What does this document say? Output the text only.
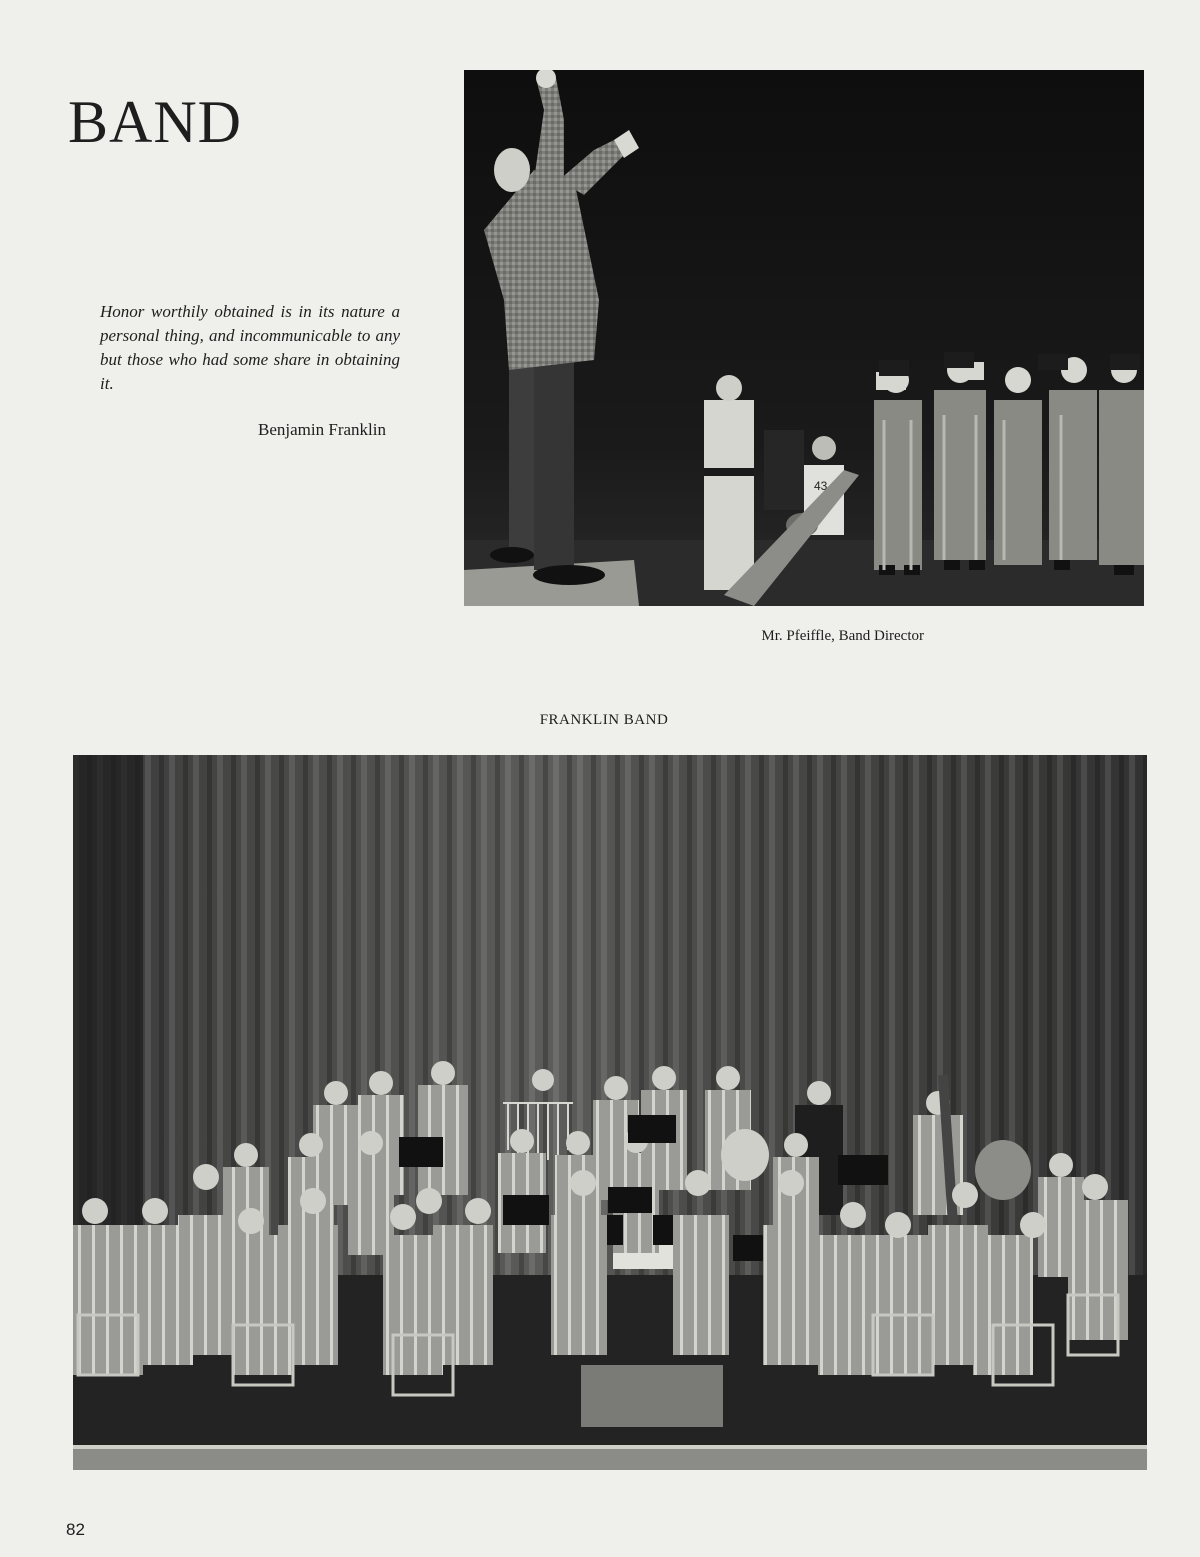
BAND

Honor worthily obtained is in its nature a personal thing, and incommunicable to any but those who had some share in obtaining it.

Benjamin Franklin
43
Mr. Pfeiffle, Band Director
FRANKLIN BAND
82
